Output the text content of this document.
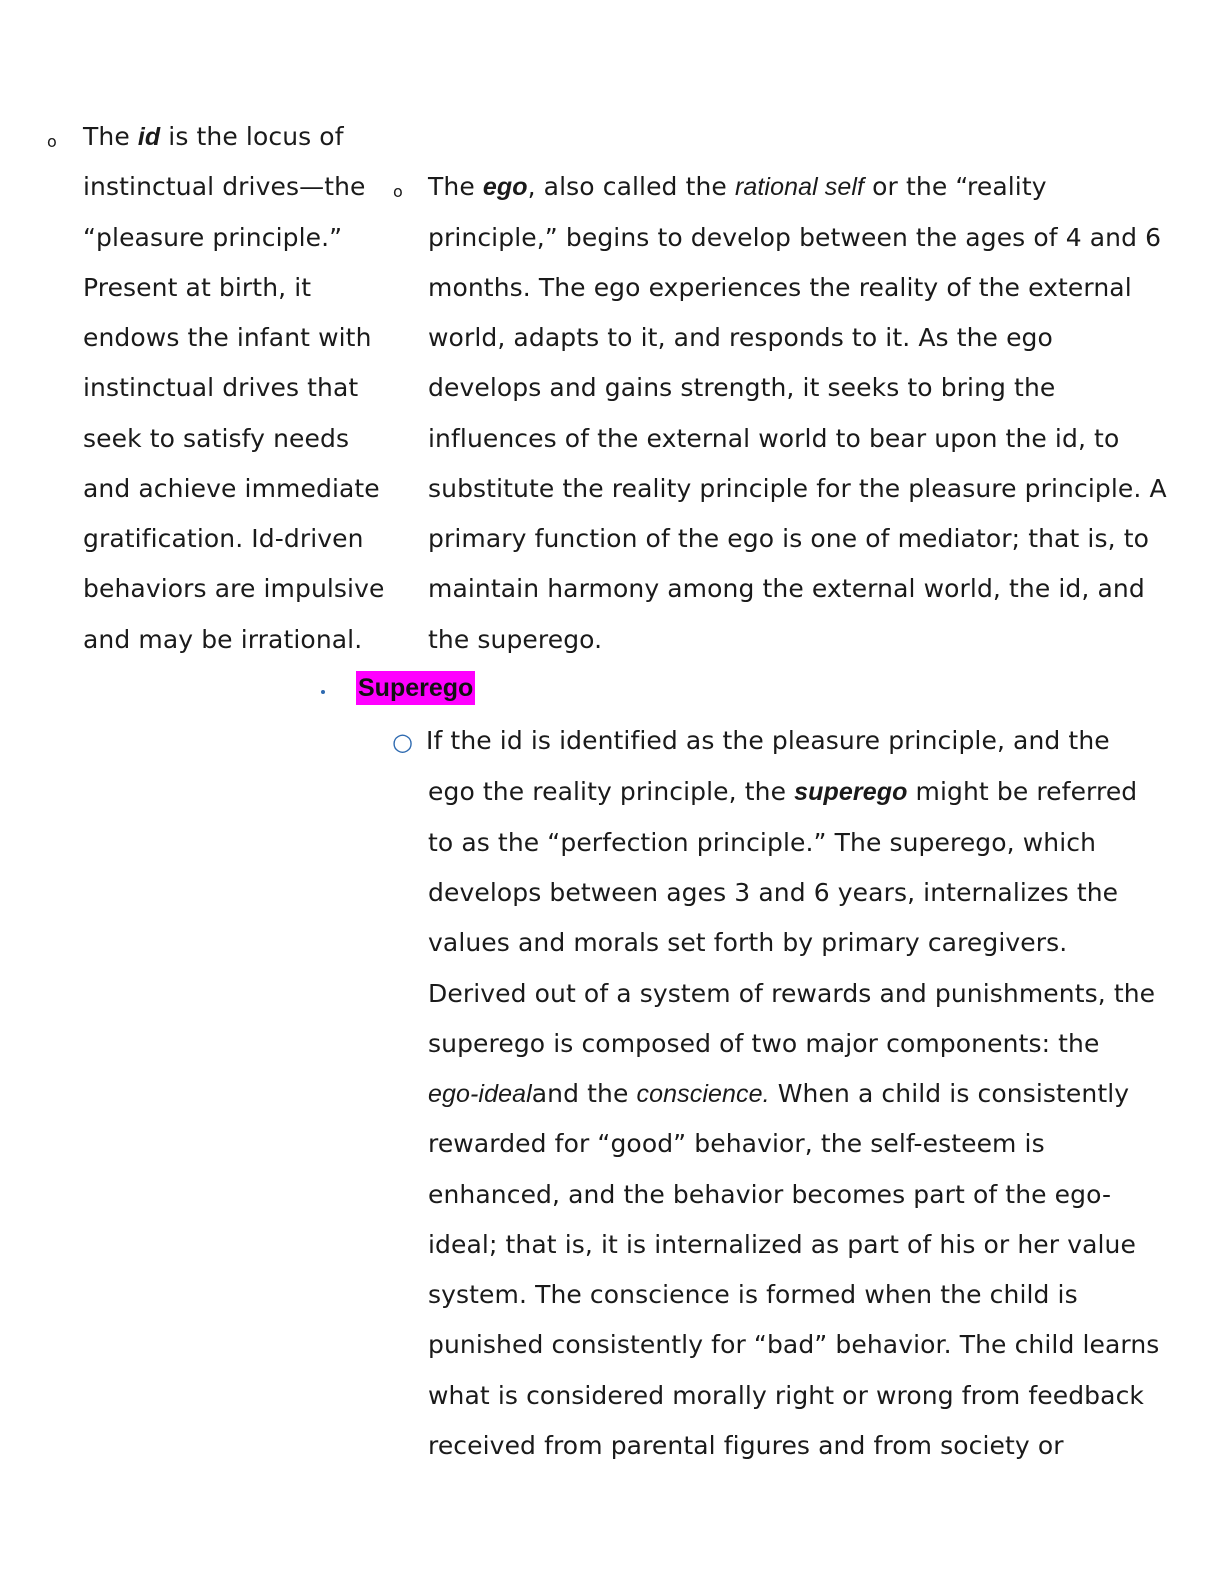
o The id is the locus of
instinctual drives—the
“pleasure principle.”
Present at birth, it
endows the infant with
instinctual drives that
seek to satisfy needs
and achieve immediate
gratification. Id-driven
behaviors are impulsive
and may be irrational.
o The ego, also called the rational self or the “reality
principle,” begins to develop between the ages of 4 and 6
months. The ego experiences the reality of the external
world, adapts to it, and responds to it. As the ego
develops and gains strength, it seeks to bring the
influences of the external world to bear upon the id, to
substitute the reality principle for the pleasure principle. A
primary function of the ego is one of mediator; that is, to
maintain harmony among the external world, the id, and
the superego.
Superego
○ If the id is identified as the pleasure principle, and the
ego the reality principle, the superego might be referred
to as the “perfection principle.” The superego, which
develops between ages 3 and 6 years, internalizes the
values and morals set forth by primary caregivers.
Derived out of a system of rewards and punishments, the
superego is composed of two major components: the
ego-idealand the conscience. When a child is consistently
rewarded for “good” behavior, the self-esteem is
enhanced, and the behavior becomes part of the ego-
ideal; that is, it is internalized as part of his or her value
system. The conscience is formed when the child is
punished consistently for “bad” behavior. The child learns
what is considered morally right or wrong from feedback
received from parental figures and from society or
